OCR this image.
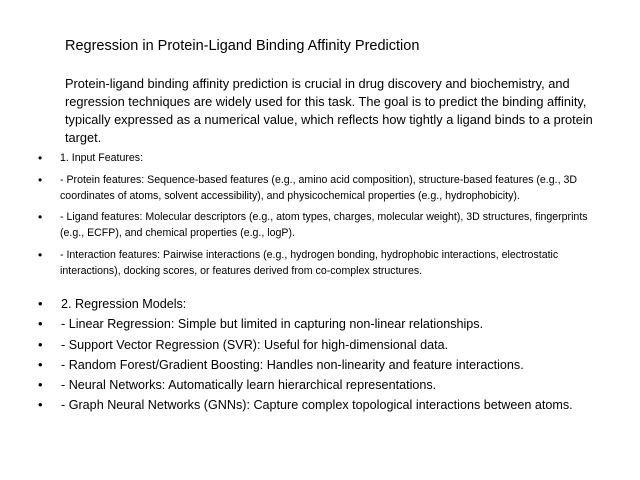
Regression in Protein-Ligand Binding Affinity Prediction
Protein-ligand binding affinity prediction is crucial in drug discovery and biochemistry, and regression techniques are widely used for this task. The goal is to predict the binding affinity, typically expressed as a numerical value, which reflects how tightly a ligand binds to a protein target.
• 1. Input Features:
• - Protein features: Sequence-based features (e.g., amino acid composition), structure-based features (e.g., 3D coordinates of atoms, solvent accessibility), and physicochemical properties (e.g., hydrophobicity).
• - Ligand features: Molecular descriptors (e.g., atom types, charges, molecular weight), 3D structures, fingerprints (e.g., ECFP), and chemical properties (e.g., logP).
• - Interaction features: Pairwise interactions (e.g., hydrogen bonding, hydrophobic interactions, electrostatic interactions), docking scores, or features derived from co-complex structures.
• 2. Regression Models:
• - Linear Regression: Simple but limited in capturing non-linear relationships.
• - Support Vector Regression (SVR): Useful for high-dimensional data.
• - Random Forest/Gradient Boosting: Handles non-linearity and feature interactions.
• - Neural Networks: Automatically learn hierarchical representations.
• - Graph Neural Networks (GNNs): Capture complex topological interactions between atoms.
